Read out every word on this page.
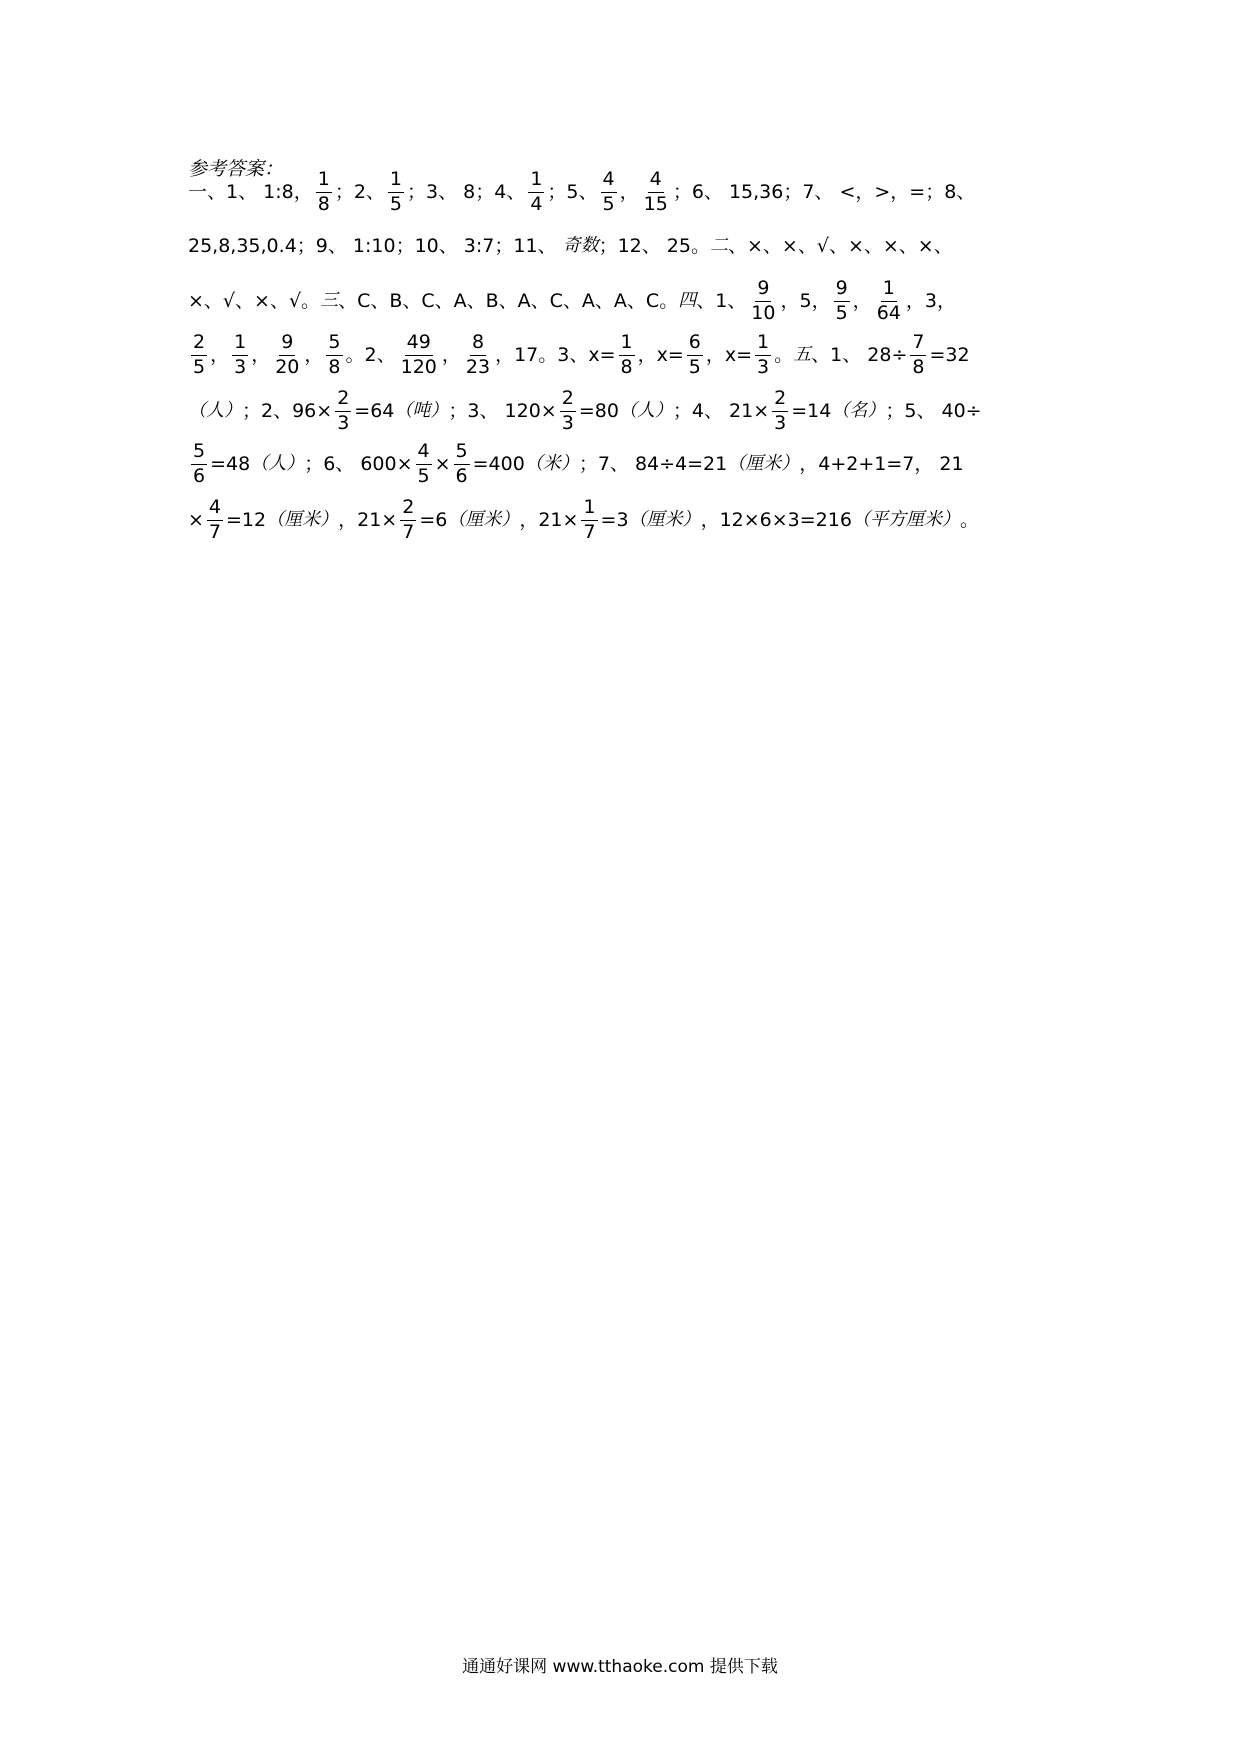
参考答案：
一、 1、 1:8， $\frac{1}{8}$ ；2、 $\frac{1}{5}$ ；3、 8；4、 $\frac{1}{4}$ ；5、 $\frac{4}{5}$ ， $\frac{4}{15}$ ；6、 15,36；7、 <，>，=；8、
25,8,35,0.4；9、 1:10；10、 3:7；11、 奇数 ；12、 25。 二 、×、×、√、×、×、×、
×、√、×、√。 三 、C、B、C、A、B、A、C、A、A、C。 四 、1、 $\frac{9}{10}$ ，5， $\frac{9}{5}$ ， $\frac{1}{64}$ ，3，
$\frac{2}{5}$ ， $\frac{1}{3}$ ， $\frac{9}{20}$ ， $\frac{5}{8}$ 。2、 $\frac{49}{120}$ ， $\frac{8}{23}$ ，17。3、$x= \frac{1}{8}$ ，$x= \frac{6}{5}$ ，$x= \frac{1}{3}$ 。 五 、1、 $28\div \frac{7}{8} =32$
（人） ；2、$96\times \frac{2}{3} =64$ （吨） ；3、 $120\times \frac{2}{3} =80$ （人） ；4、 $21\times \frac{2}{3} =14$ （名） ；5、 40÷
$\frac{5}{6} =48$ （人） ；6、 $600\times \frac{4}{5} \times \frac{5}{6} =400$ （米） ；7、 84÷4=21 （厘米） ，4+2+1=7， 21
× $\frac{4}{7} =12$ （厘米） ，$21\times \frac{2}{7} =6$ （厘米） ，$21\times \frac{1}{7} =3$ （厘米） ，12×6×3=216 （平方厘米） 。
通通好课网 www.tthaoke.com 提供下载
